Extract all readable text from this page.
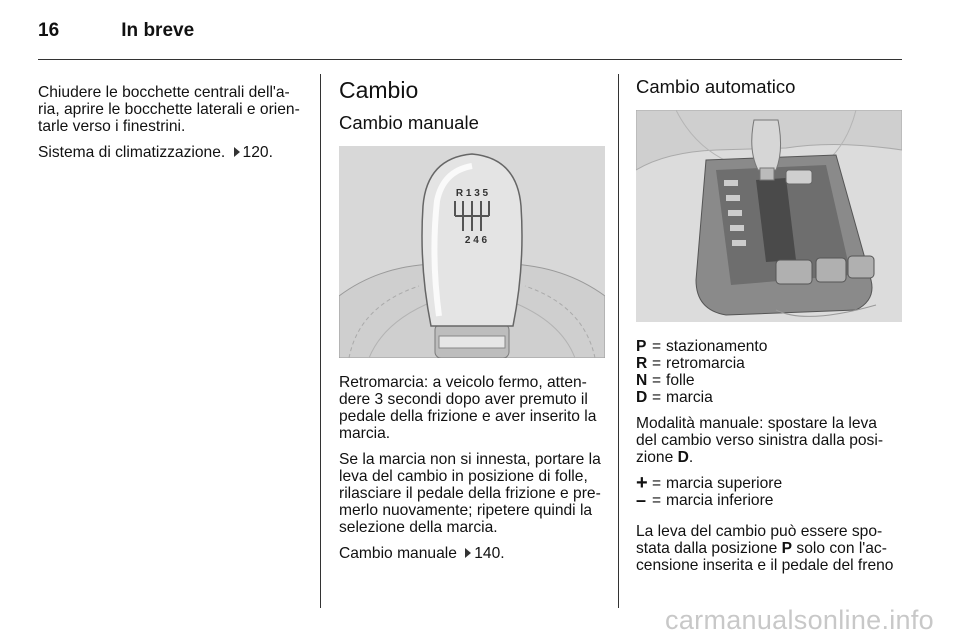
16	In breve

Chiudere le bocchette centrali dell'a-ria, aprire le bocchette laterali e orien-tarle verso i finestrini.

Sistema di climatizzazione. 120.

Cambio
Cambio manuale
R 1 3 5
2 4 6

Retromarcia: a veicolo fermo, atten-dere 3 secondi dopo aver premuto il pedale della frizione e aver inserito la marcia.

Se la marcia non si innesta, portare la leva del cambio in posizione di folle, rilasciare il pedale della frizione e pre-merlo nuovamente; ripetere quindi la selezione della marcia.

Cambio manuale 140.

Cambio automatico
P = stazionamento
R = retromarcia
N = folle
D = marcia

Modalità manuale: spostare la leva del cambio verso sinistra dalla posi-zione D.

+ = marcia superiore
– = marcia inferiore

La leva del cambio può essere spo-stata dalla posizione P solo con l'ac-censione inserita e il pedale del freno

carmanualsonline.info
